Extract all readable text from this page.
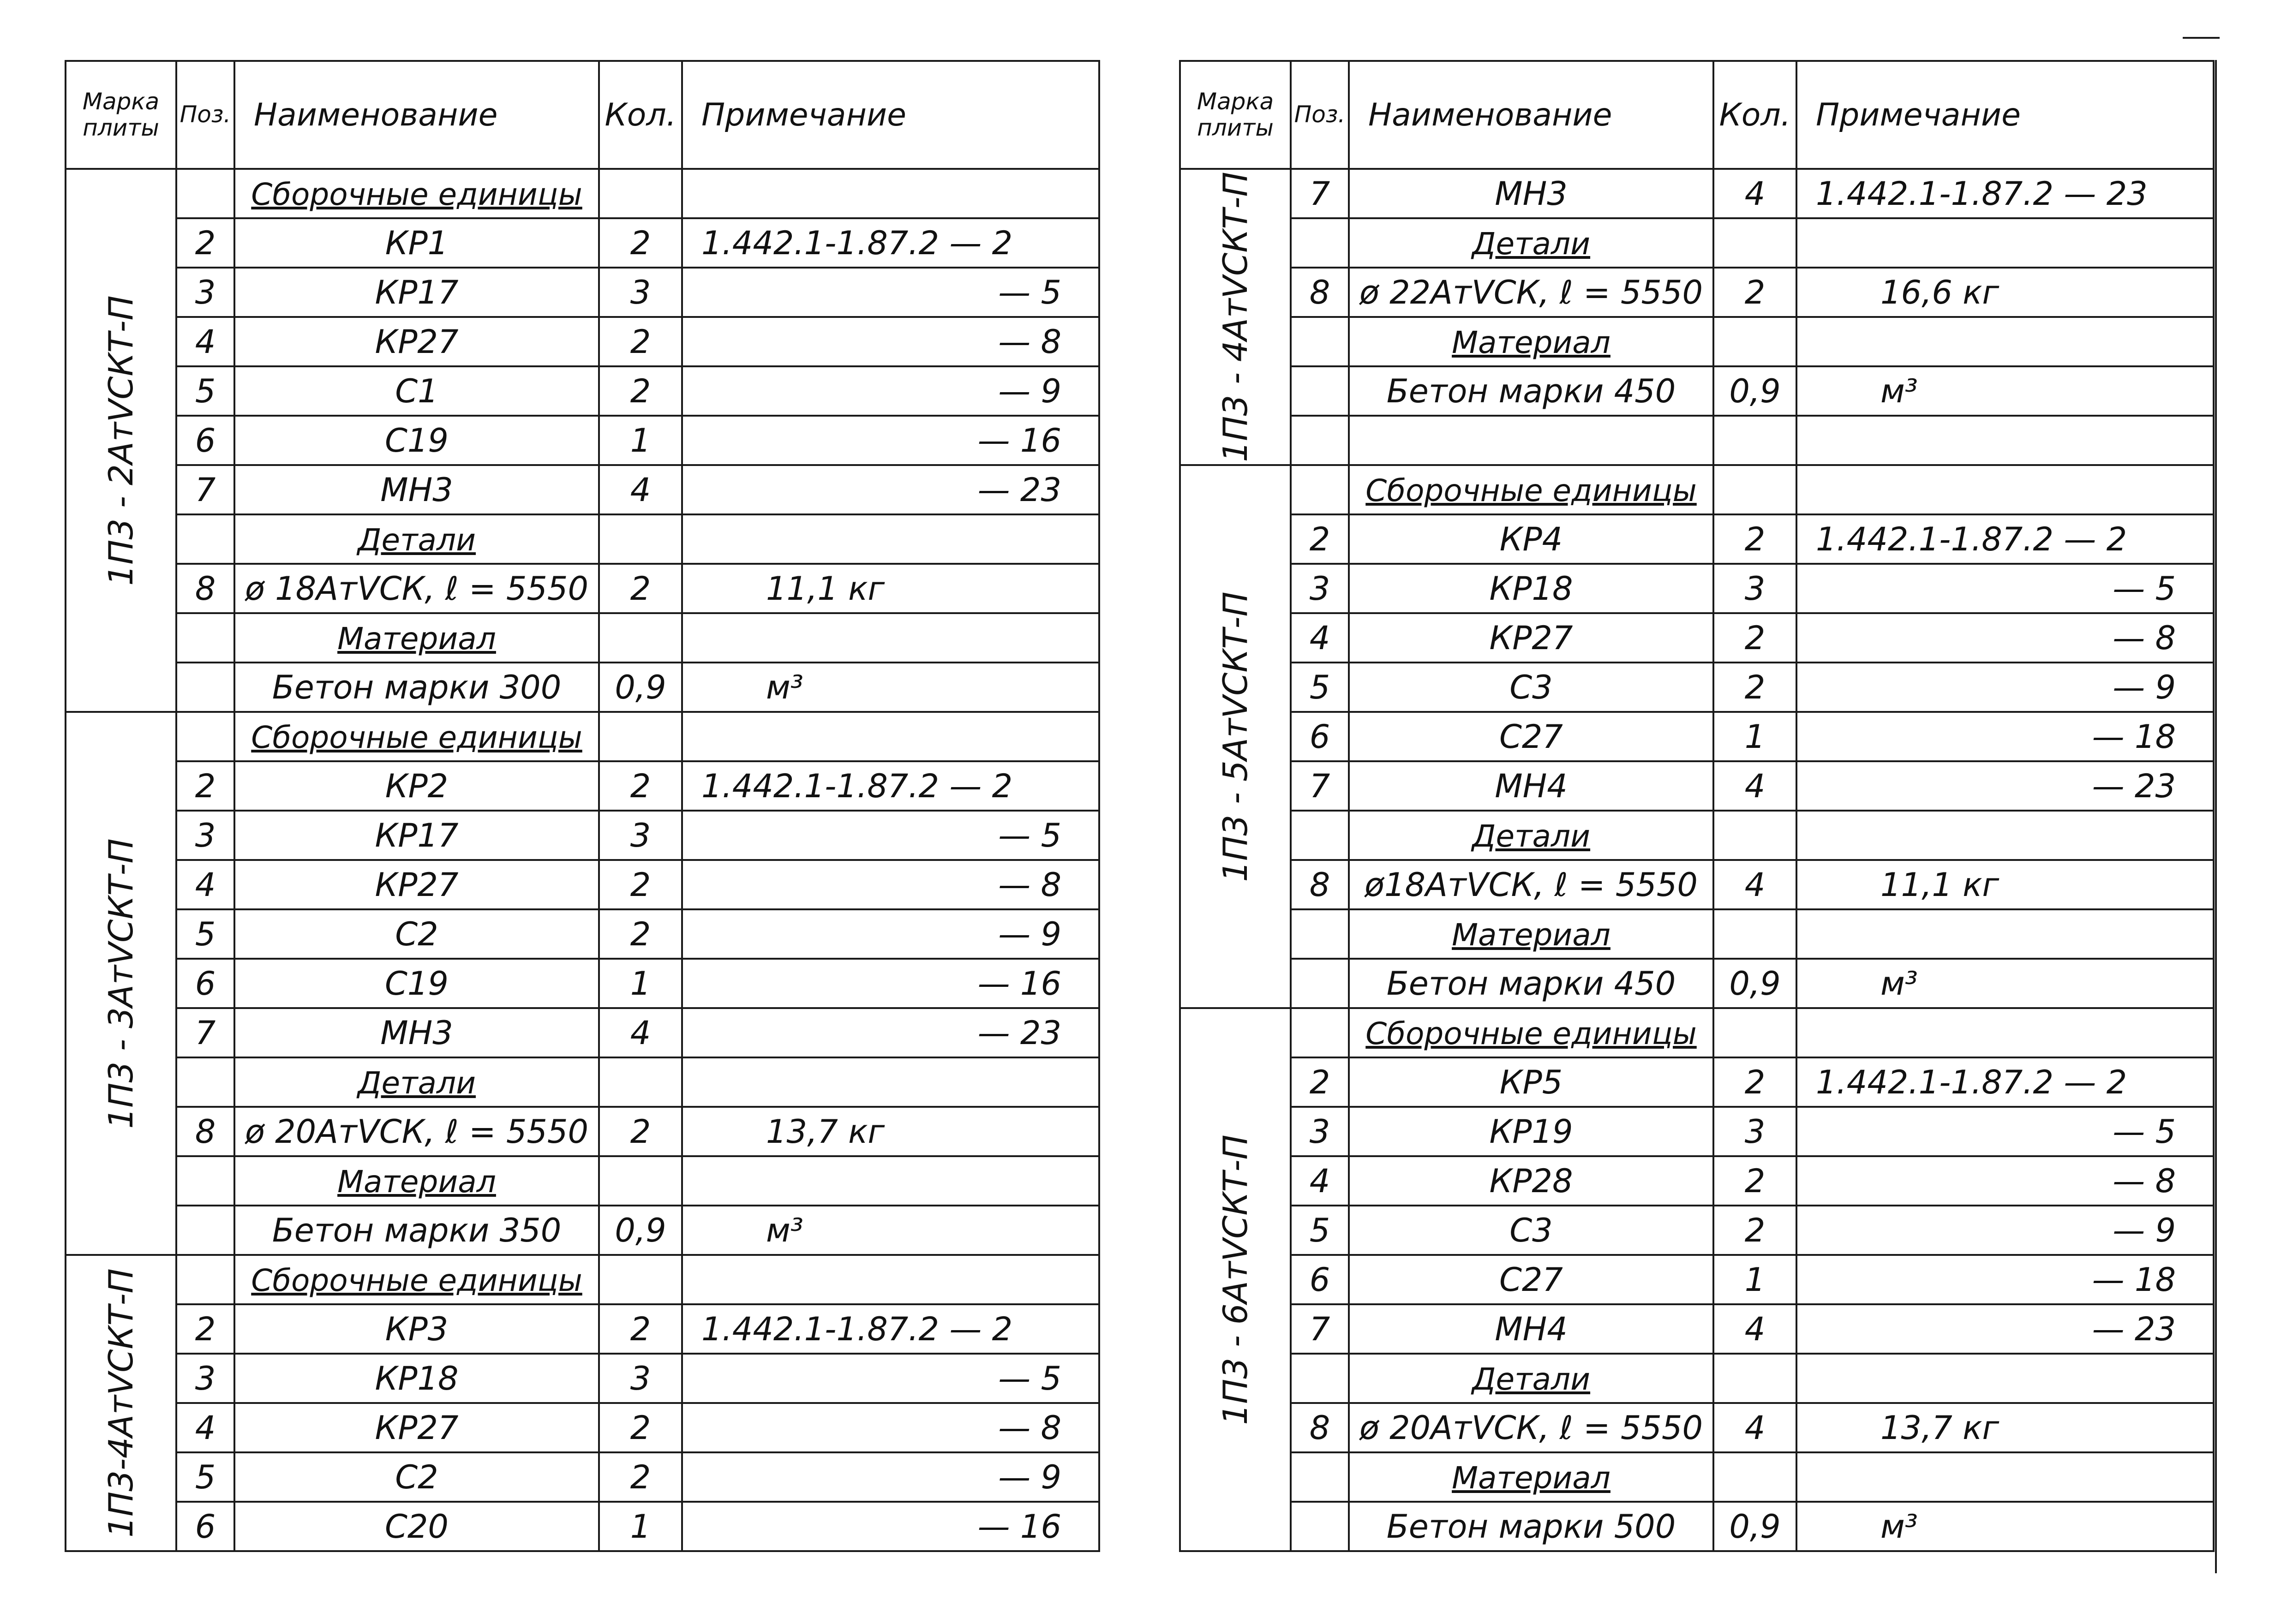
Марка плиты	Поз.	Наименование	Кол.	Примечание

1П3 - 2АтVСКТ-П		Сборочные единицы		
	2	КР1	2	1.442.1-1.87.2 — 2
	3	КР17	3	— 5
	4	КР27	2	— 8
	5	С1	2	— 9
	6	С19	1	— 16
	7	МН3	4	— 23
		Детали		
	8	ø 18АтVСК, ℓ = 5550	2	11,1 кг
		Материал		
		Бетон марки 300	0,9	м³

1П3 - 3АтVСКТ-П		Сборочные единицы		
	2	КР2	2	1.442.1-1.87.2 — 2
	3	КР17	3	— 5
	4	КР27	2	— 8
	5	С2	2	— 9
	6	С19	1	— 16
	7	МН3	4	— 23
		Детали		
	8	ø 20АтVСК, ℓ = 5550	2	13,7 кг
		Материал		
		Бетон марки 350	0,9	м³

1П3-4АтVСКТ-П		Сборочные единицы		
	2	КР3	2	1.442.1-1.87.2 — 2
	3	КР18	3	— 5
	4	КР27	2	— 8
	5	С2	2	— 9
	6	С20	1	— 16
Марка плиты	Поз.	Наименование	Кол.	Примечание

1П3 - 4АтVСКТ-П	7	МН3	4	1.442.1-1.87.2 — 23
		Детали		
	8	ø 22АтVСК, ℓ = 5550	2	16,6 кг
		Материал		
		Бетон марки 450	0,9	м³

1П3 - 5АтVСКТ-П		Сборочные единицы		
	2	КР4	2	1.442.1-1.87.2 — 2
	3	КР18	3	— 5
	4	КР27	2	— 8
	5	С3	2	— 9
	6	С27	1	— 18
	7	МН4	4	— 23
		Детали		
	8	ø18АтVСК, ℓ = 5550	4	11,1 кг
		Материал		
		Бетон марки 450	0,9	м³

1П3 - 6АтVСКТ-П		Сборочные единицы		
	2	КР5	2	1.442.1-1.87.2 — 2
	3	КР19	3	— 5
	4	КР28	2	— 8
	5	С3	2	— 9
	6	С27	1	— 18
	7	МН4	4	— 23
		Детали		
	8	ø 20АтVСК, ℓ = 5550	4	13,7 кг
		Материал		
		Бетон марки 500	0,9	м³
